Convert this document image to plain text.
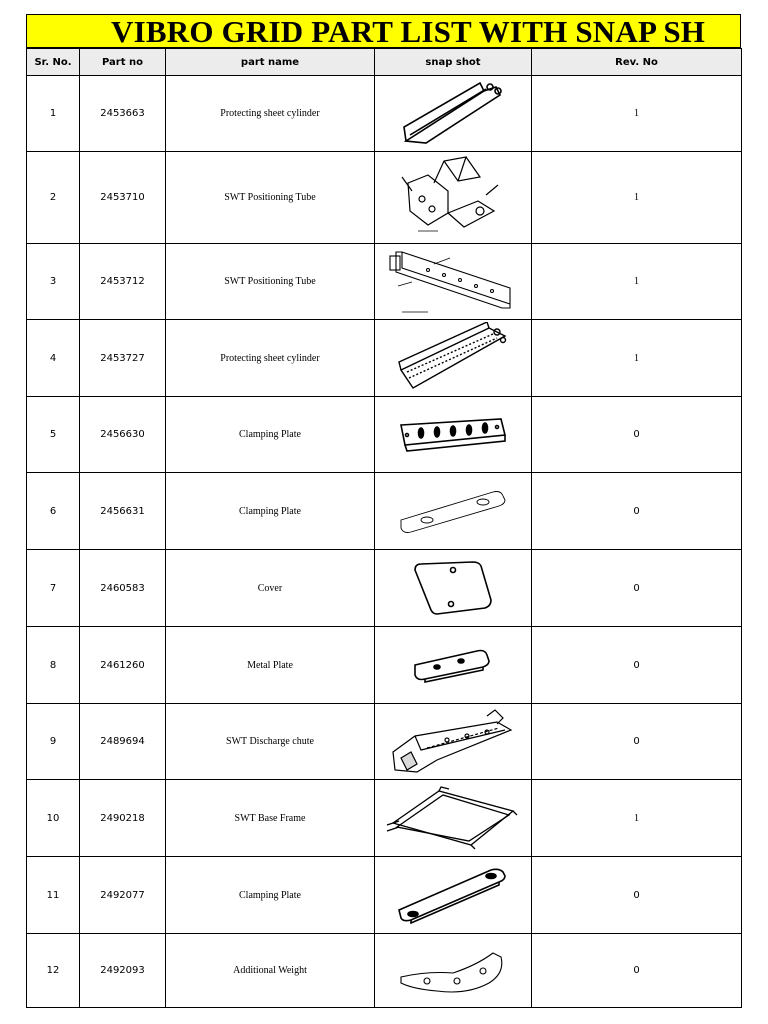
VIBRO GRID PART LIST WITH SNAP SH
Sr. No.	Part no	part name	snap shot	Rev. No
1	2453663	Protecting sheet cylinder		1
2	2453710	SWT Positioning Tube		1
3	2453712	SWT Positioning Tube		1
4	2453727	Protecting sheet cylinder		1
5	2456630	Clamping Plate		0
6	2456631	Clamping Plate		0
7	2460583	Cover		0
8	2461260	Metal Plate		0
9	2489694	SWT Discharge chute		0
10	2490218	SWT Base Frame		1
11	2492077	Clamping Plate		0
12	2492093	Additional Weight		0
